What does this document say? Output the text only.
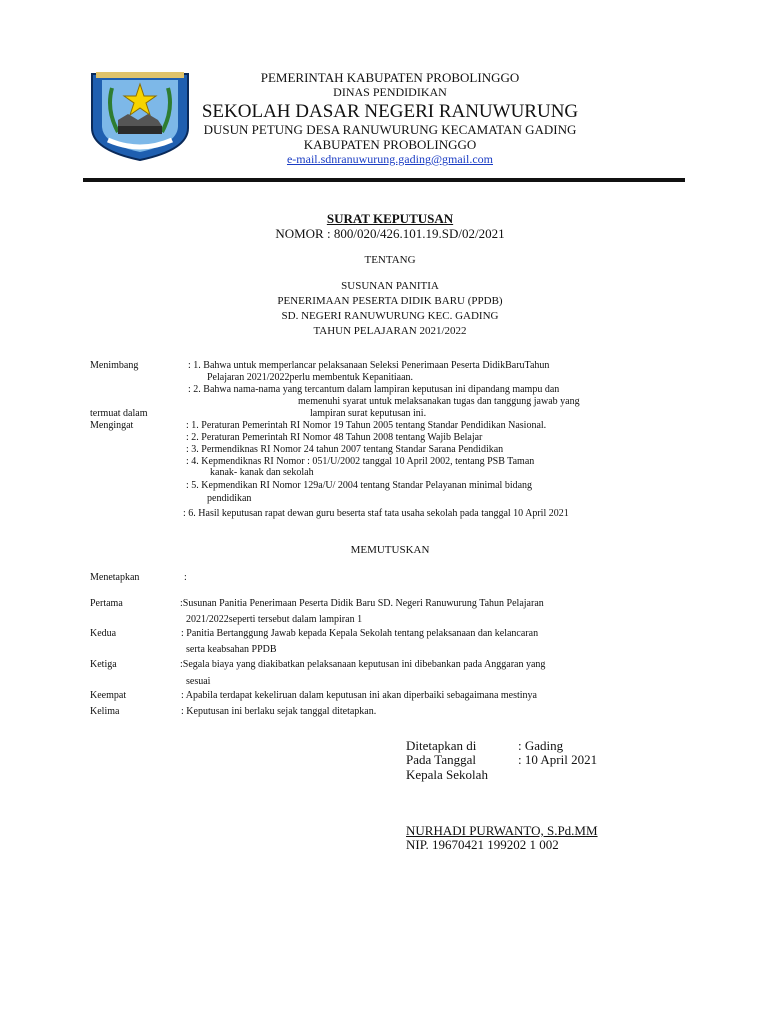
PEMERINTAH KABUPATEN PROBOLINGGO
DINAS PENDIDIKAN
SEKOLAH DASAR NEGERI RANUWURUNG
DUSUN PETUNG DESA RANUWURUNG KECAMATAN GADING
KABUPATEN PROBOLINGGO
e-mail.sdnranuwurung.gading@gmail.com
SURAT KEPUTUSAN
NOMOR : 800/020/426.101.19.SD/02/2021
TENTANG
SUSUNAN PANITIA
PENERIMAAN PESERTA DIDIK BARU (PPDB)
SD. NEGERI RANUWURUNG KEC. GADING
TAHUN PELAJARAN 2021/2022
Menimbang	: 1. Bahwa untuk memperlancar pelaksanaan Seleksi Penerimaan Peserta DidikBaruTahun
Pelajaran 2021/2022perlu membentuk Kepanitiaan.
: 2. Bahwa nama-nama yang tercantum dalam lampiran keputusan ini dipandang mampu dan
memenuhi syarat untuk melaksanakan tugas dan tanggung jawab yang
termuat dalam	lampiran surat keputusan ini.
Mengingat	: 1. Peraturan Pemerintah RI Nomor 19 Tahun 2005 tentang Standar Pendidikan Nasional.
: 2. Peraturan Pemerintah RI Nomor 48 Tahun 2008 tentang Wajib Belajar
: 3. Permendiknas RI Nomor 24 tahun 2007 tentang Standar Sarana Pendidikan
: 4. Kepmendiknas RI Nomor : 051/U/2002 tanggal 10 April 2002, tentang PSB Taman
kanak- kanak dan sekolah
: 5. Kepmendikan RI Nomor 129a/U/ 2004 tentang Standar Pelayanan minimal bidang
pendidikan
: 6. Hasil keputusan rapat dewan guru beserta staf tata usaha sekolah pada tanggal 10 April 2021
MEMUTUSKAN
Menetapkan	:
Pertama	:Susunan Panitia Penerimaan Peserta Didik Baru SD. Negeri Ranuwurung Tahun Pelajaran
2021/2022seperti tersebut dalam lampiran 1
Kedua	: Panitia Bertanggung Jawab kepada Kepala Sekolah tentang pelaksanaan dan kelancaran
serta keabsahan PPDB
Ketiga	:Segala biaya yang diakibatkan pelaksanaan keputusan ini dibebankan pada Anggaran yang
sesuai
Keempat	: Apabila terdapat kekeliruan dalam keputusan ini akan diperbaiki sebagaimana mestinya
Kelima	: Keputusan ini berlaku sejak tanggal ditetapkan.
Ditetapkan di	: Gading
Pada Tanggal	: 10 April 2021
Kepala Sekolah
NURHADI PURWANTO, S.Pd.MM
NIP. 19670421 199202 1 002
